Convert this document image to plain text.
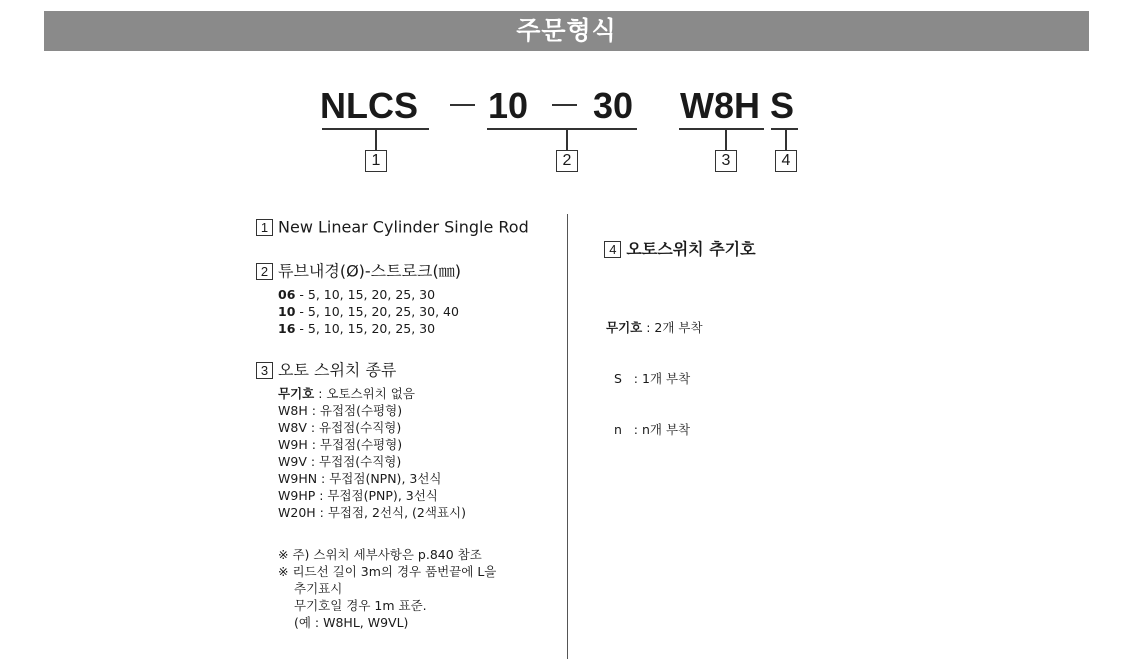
주문형식
NLCS 10 30 W8H S
1	2	3	4
1 New Linear Cylinder Single Rod
2 튜브내경(Ø)-스트로크(㎜)
06 - 5, 10, 15, 20, 25, 30
10 - 5, 10, 15, 20, 25, 30, 40
16 - 5, 10, 15, 20, 25, 30
3 오토 스위치 종류
무기호 : 오토스위치 없음
W8H : 유접점(수평형)
W8V : 유접점(수직형)
W9H : 무접점(수평형)
W9V : 무접점(수직형)
W9HN : 무접점(NPN), 3선식
W9HP : 무접점(PNP), 3선식
W20H : 무접점, 2선식, (2색표시)
※ 주) 스위치 세부사항은 p.840 참조
※ 리드선 길이 3m의 경우 품번끝에 L을
추기표시
무기호일 경우 1m 표준.
(예 : W8HL, W9VL)

4 오토스위치 추기호

무기호 : 2개 부착

S   : 1개 부착

n   : n개 부착
